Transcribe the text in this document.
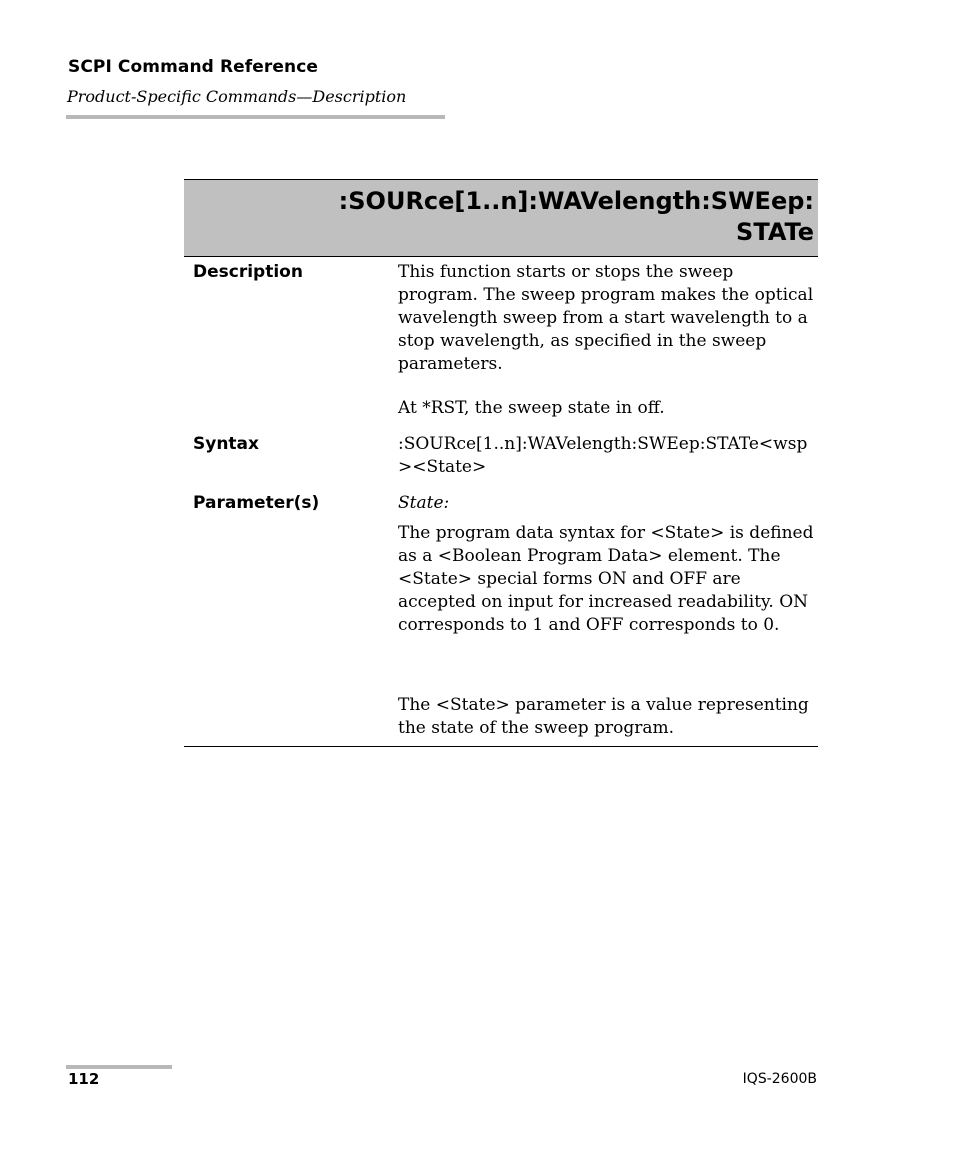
SCPI Command Reference
Product-Specific Commands—Description
:SOURce[1..n]:WAVelength:SWEep:
STATe
Description	This function starts or stops the sweep program. The sweep program makes the optical wavelength sweep from a start wavelength to a stop wavelength, as specified in the sweep parameters.
At *RST, the sweep state in off.
Syntax	:SOURce[1..n]:WAVelength:SWEep:STATe<wsp
><State>
Parameter(s)	State:
The program data syntax for <State> is defined as a <Boolean Program Data> element. The <State> special forms ON and OFF are accepted on input for increased readability. ON corresponds to 1 and OFF corresponds to 0.
The <State> parameter is a value representing the state of the sweep program.
112	IQS-2600B
